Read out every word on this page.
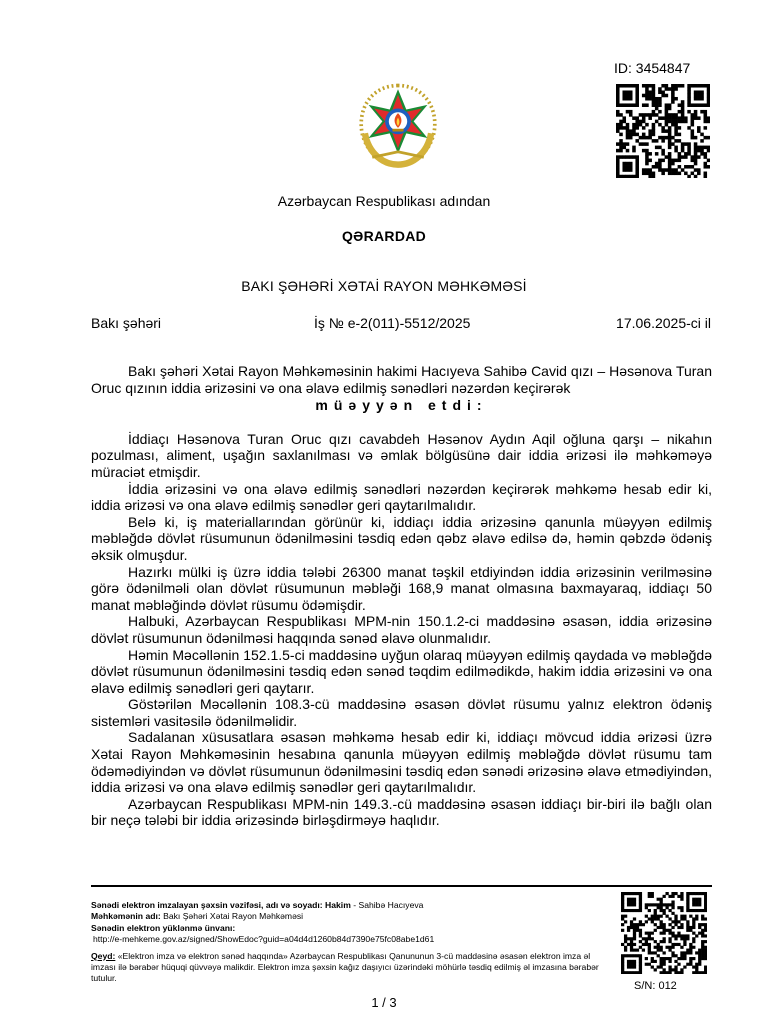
ID: 3454847
Azərbaycan Respublikası adından
QƏRARDAD
BAKI ŞƏHƏRİ XƏTAİ RAYON MƏHKƏMƏSİ
Bakı şəhəri	İş № e-2(011)-5512/2025	17.06.2025-ci il

Bakı şəhəri Xətai Rayon Məhkəməsinin hakimi Hacıyeva Sahibə Cavid qızı – Həsənova Turan Oruc qızının iddia ərizəsini və ona əlavə edilmiş sənədləri nəzərdən keçirərək

müəyyən etdi:

İddiaçı Həsənova Turan Oruc qızı cavabdeh Həsənov Aydın Aqil oğluna qarşı – nikahın pozulması, aliment, uşağın saxlanılması və əmlak bölgüsünə dair iddia ərizəsi ilə məhkəməyə müraciət etmişdir.

İddia ərizəsini və ona əlavə edilmiş sənədləri nəzərdən keçirərək məhkəmə hesab edir ki, iddia ərizəsi və ona əlavə edilmiş sənədlər geri qaytarılmalıdır.

Belə ki, iş materiallarından görünür ki, iddiaçı iddia ərizəsinə qanunla müəyyən edilmiş məbləğdə dövlət rüsumunun ödənilməsini təsdiq edən qəbz əlavə edilsə də, həmin qəbzdə ödəniş əksik olmuşdur.

Hazırkı mülki iş üzrə iddia tələbi 26300 manat təşkil etdiyindən iddia ərizəsinin verilməsinə görə ödənilməli olan dövlət rüsumunun məbləği 168,9 manat olmasına baxmayaraq, iddiaçı 50 manat məbləğində dövlət rüsumu ödəmişdir.

Halbuki, Azərbaycan Respublikası MPM-nin 150.1.2-ci maddəsinə əsasən, iddia ərizəsinə dövlət rüsumunun ödənilməsi haqqında sənəd əlavə olunmalıdır.

Həmin Məcəllənin 152.1.5-ci maddəsinə uyğun olaraq müəyyən edilmiş qaydada və məbləğdə dövlət rüsumunun ödənilməsini təsdiq edən sənəd təqdim edilmədikdə, hakim iddia ərizəsini və ona əlavə edilmiş sənədləri geri qaytarır.

Göstərilən Məcəllənin 108.3-cü maddəsinə əsasən dövlət rüsumu yalnız elektron ödəniş sistemləri vasitəsilə ödənilməlidir.

Sadalanan xüsusatlara əsasən məhkəmə hesab edir ki, iddiaçı mövcud iddia ərizəsi üzrə Xətai Rayon Məhkəməsinin hesabına qanunla müəyyən edilmiş məbləğdə dövlət rüsumu tam ödəmədiyindən və dövlət rüsumunun ödənilməsini təsdiq edən sənədi ərizəsinə əlavə etmədiyindən, iddia ərizəsi və ona əlavə edilmiş sənədlər geri qaytarılmalıdır.

Azərbaycan Respublikası MPM-nin 149.3.-cü maddəsinə əsasən iddiaçı bir-biri ilə bağlı olan bir neçə tələbi bir iddia ərizəsində birləşdirməyə haqlıdır.

Sənədi elektron imzalayan şəxsin vəzifəsi, adı və soyadı: Hakim - Sahibə Hacıyeva
Məhkəmənin adı: Bakı Şəhəri Xətai Rayon Məhkəməsi
Sənədin elektron yüklənmə ünvanı:
http://e-mehkeme.gov.az/signed/ShowEdoc?guid=a04d4d1260b84d7390e75fc08abe1d61
Qeyd: «Elektron imza və elektron sənəd haqqında» Azərbaycan Respublikası Qanununun 3-cü maddəsinə əsasən elektron imza əl imzası ilə bərabər hüquqi qüvvəyə malikdir. Elektron imza şəxsin kağız daşıyıcı üzərindəki möhürlə təsdiq edilmiş əl imzasına bərabər tutulur.
S/N: 012
1 / 3
